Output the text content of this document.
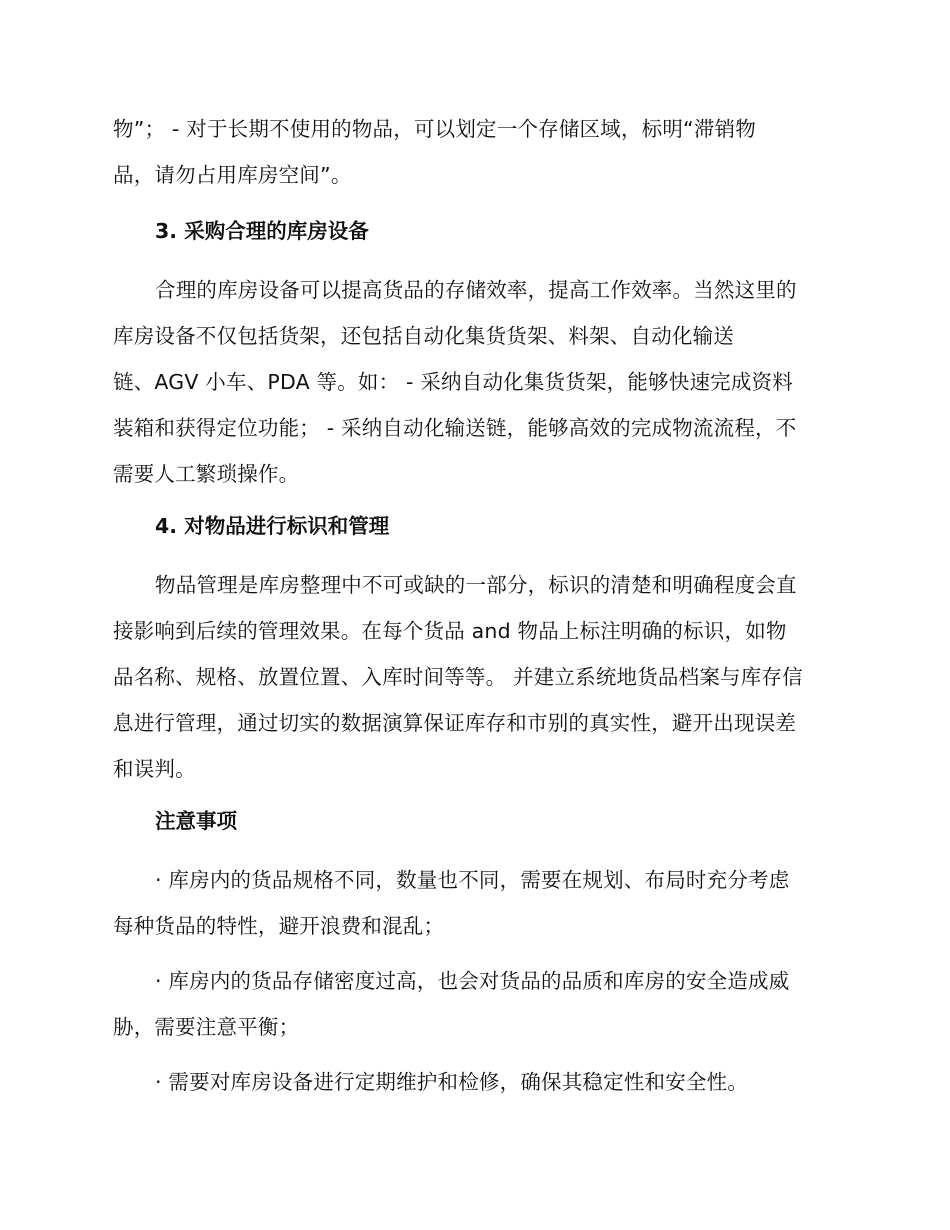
物”； - 对于长期不使用的物品，可以划定一个存储区域，标明“滞销物
品，请勿占用库房空间”。
3. 采购合理的库房设备
合理的库房设备可以提高货品的存储效率，提高工作效率。当然这里的
库房设备不仅包括货架，还包括自动化集货货架、料架、自动化输送
链、AGV 小车、PDA 等。如： - 采纳自动化集货货架，能够快速完成资料
装箱和获得定位功能； - 采纳自动化输送链，能够高效的完成物流流程，不
需要人工繁琐操作。
4. 对物品进行标识和管理
物品管理是库房整理中不可或缺的一部分，标识的清楚和明确程度会直
接影响到后续的管理效果。在每个货品 and 物品上标注明确的标识，如物
品名称、规格、放置位置、入库时间等等。 并建立系统地货品档案与库存信
息进行管理，通过切实的数据演算保证库存和市别的真实性，避开出现误差
和误判。
注意事项
· 库房内的货品规格不同，数量也不同，需要在规划、布局时充分考虑
每种货品的特性，避开浪费和混乱；
· 库房内的货品存储密度过高，也会对货品的品质和库房的安全造成威
胁，需要注意平衡；
· 需要对库房设备进行定期维护和检修，确保其稳定性和安全性。
